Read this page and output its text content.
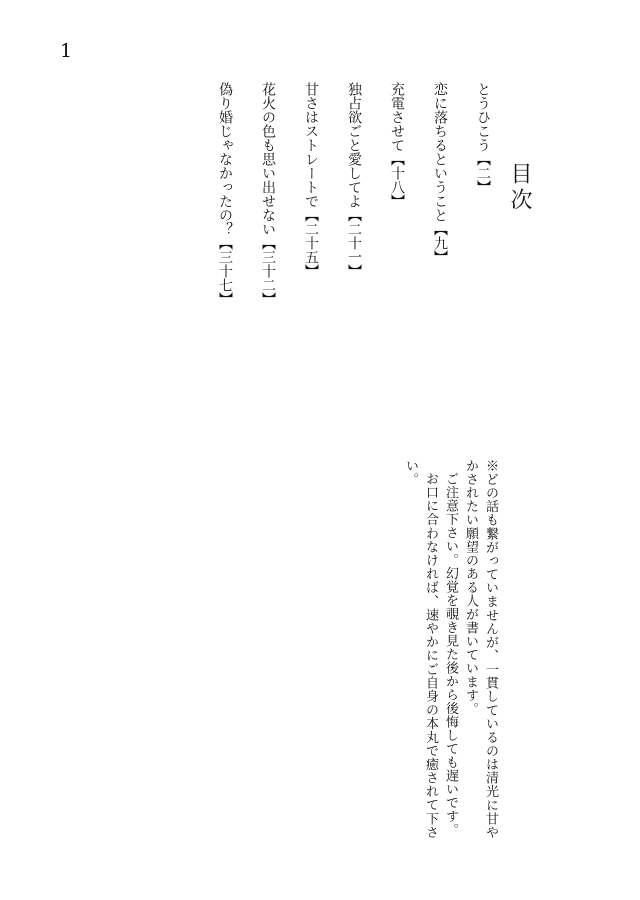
1
目次
とうひこう【二】
恋に落ちるということ【九】
充電させて【十八】
独占欲ごと愛してよ【二十一】
甘さはストレートで【二十五】
花火の色も思い出せない【三十二】
偽り婚じゃなかったの？【三十七】

※どの話も繋がっていませんが、一貫しているのは清光に甘やかされたい願望のある人が書いています。

ご注意下さい。幻覚を覗き見た後から後悔しても遅いです。

お口に合わなければ、速やかにご自身の本丸で癒されて下さい。
